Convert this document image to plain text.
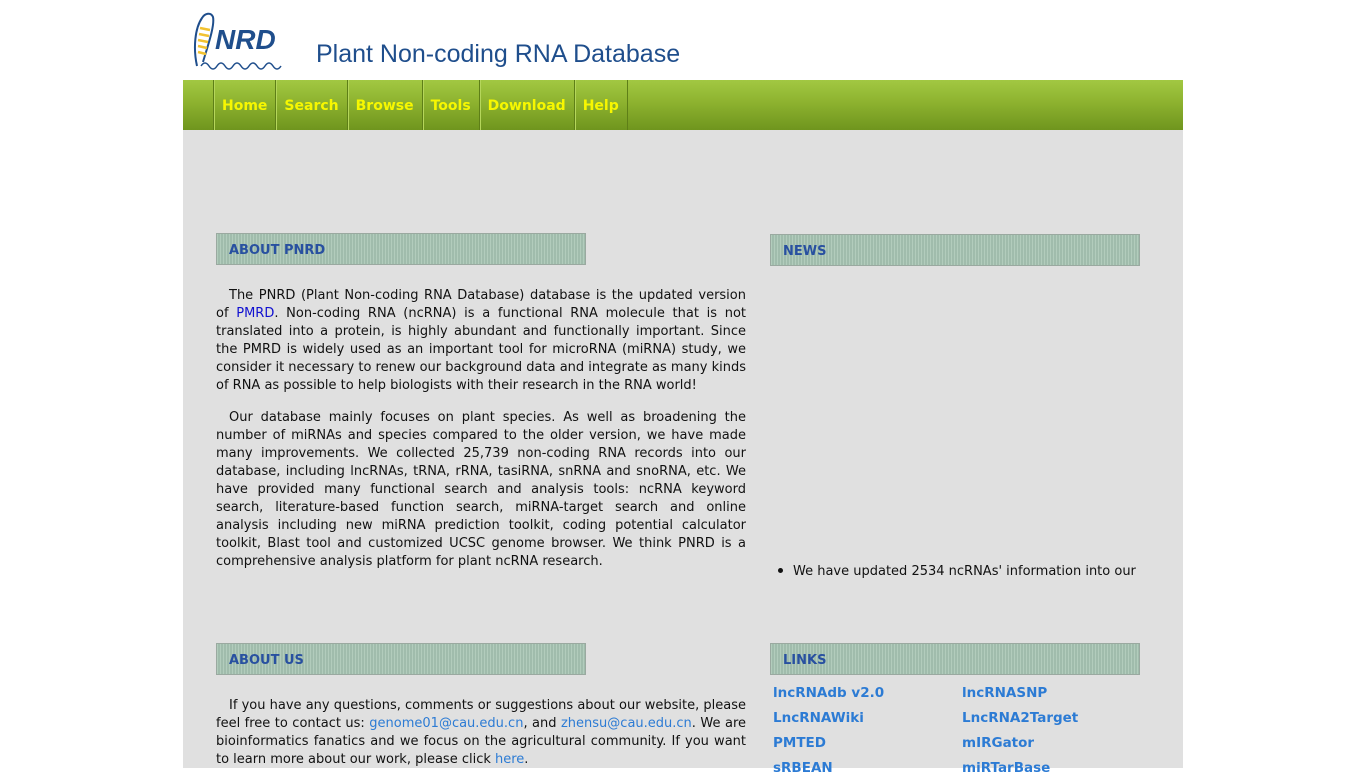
NRD Plant Non-coding RNA Database
Home	Search	Browse	Tools	Download	Help
ABOUT PNRD

The PNRD (Plant Non-coding RNA Database) database is the updated version of PMRD. Non-coding RNA (ncRNA) is a functional RNA molecule that is not translated into a protein, is highly abundant and functionally important. Since the PMRD is widely used as an important tool for microRNA (miRNA) study, we consider it necessary to renew our background data and integrate as many kinds of RNA as possible to help biologists with their research in the RNA world!

Our database mainly focuses on plant species. As well as broadening the number of miRNAs and species compared to the older version, we have made many improvements. We collected 25,739 non-coding RNA records into our database, including lncRNAs, tRNA, rRNA, tasiRNA, snRNA and snoRNA, etc. We have provided many functional search and analysis tools: ncRNA keyword search, literature-based function search, miRNA-target search and online analysis including new miRNA prediction toolkit, coding potential calculator toolkit, Blast tool and customized UCSC genome browser. We think PNRD is a comprehensive analysis platform for plant ncRNA research.

NEWS
We have updated 2534 ncRNAs' information into our
ABOUT US

If you have any questions, comments or suggestions about our website, please feel free to contact us: genome01@cau.edu.cn, and zhensu@cau.edu.cn. We are bioinformatics fanatics and we focus on the agricultural community. If you want to learn more about our work, please click here.

LINKS
lncRNAdb v2.0	lncRNASNP
LncRNAWiki	LncRNA2Target
PMTED	mIRGator
sRBEAN	miRTarBase
